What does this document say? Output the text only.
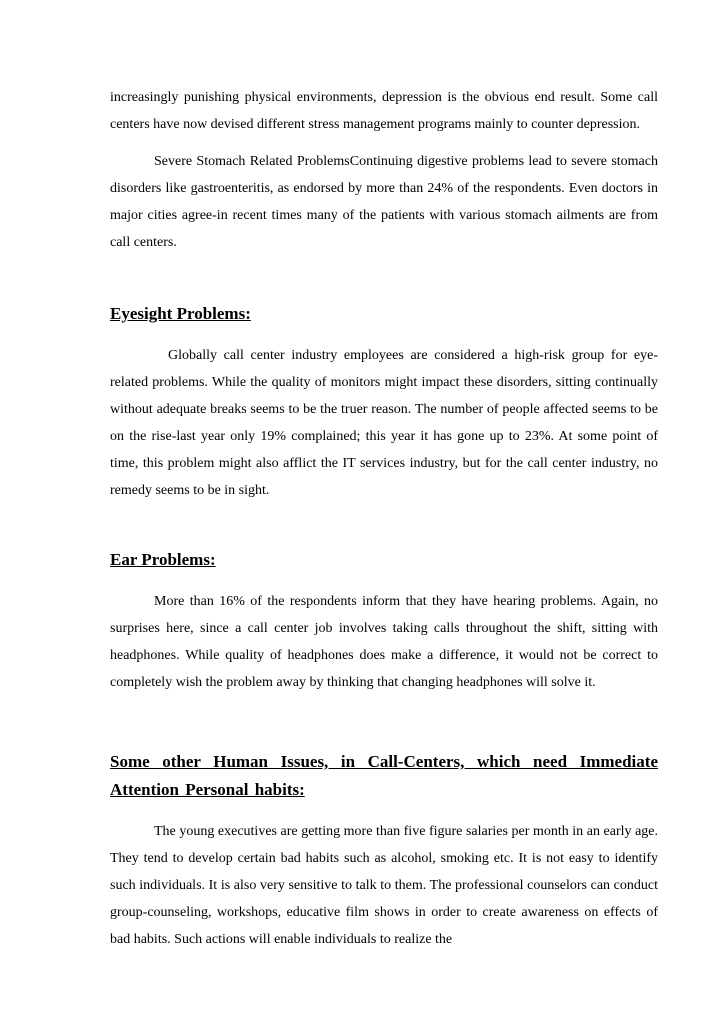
increasingly punishing physical environments, depression is the obvious end result. Some call centers have now devised different stress management programs mainly to counter depression.

Severe Stomach Related ProblemsContinuing digestive problems lead to severe stomach disorders like gastroenteritis, as endorsed by more than 24% of the respondents. Even doctors in major cities agree-in recent times many of the patients with various stomach ailments are from call centers.

Eyesight Problems:

Globally call center industry employees are considered a high-risk group for eye-related problems. While the quality of monitors might impact these disorders, sitting continually without adequate breaks seems to be the truer reason. The number of people affected seems to be on the rise-last year only 19% complained; this year it has gone up to 23%. At some point of time, this problem might also afflict the IT services industry, but for the call center industry, no remedy seems to be in sight.

Ear Problems:

More than 16% of the respondents inform that they have hearing problems. Again, no surprises here, since a call center job involves taking calls throughout the shift, sitting with headphones. While quality of headphones does make a difference, it would not be correct to completely wish the problem away by thinking that changing headphones will solve it.

Some other Human Issues, in Call-Centers, which need Immediate Attention Personal habits:

The young executives are getting more than five figure salaries per month in an early age. They tend to develop certain bad habits such as alcohol, smoking etc. It is not easy to identify such individuals. It is also very sensitive to talk to them. The professional counselors can conduct group-counseling, workshops, educative film shows in order to create awareness on effects of bad habits. Such actions will enable individuals to realize the
